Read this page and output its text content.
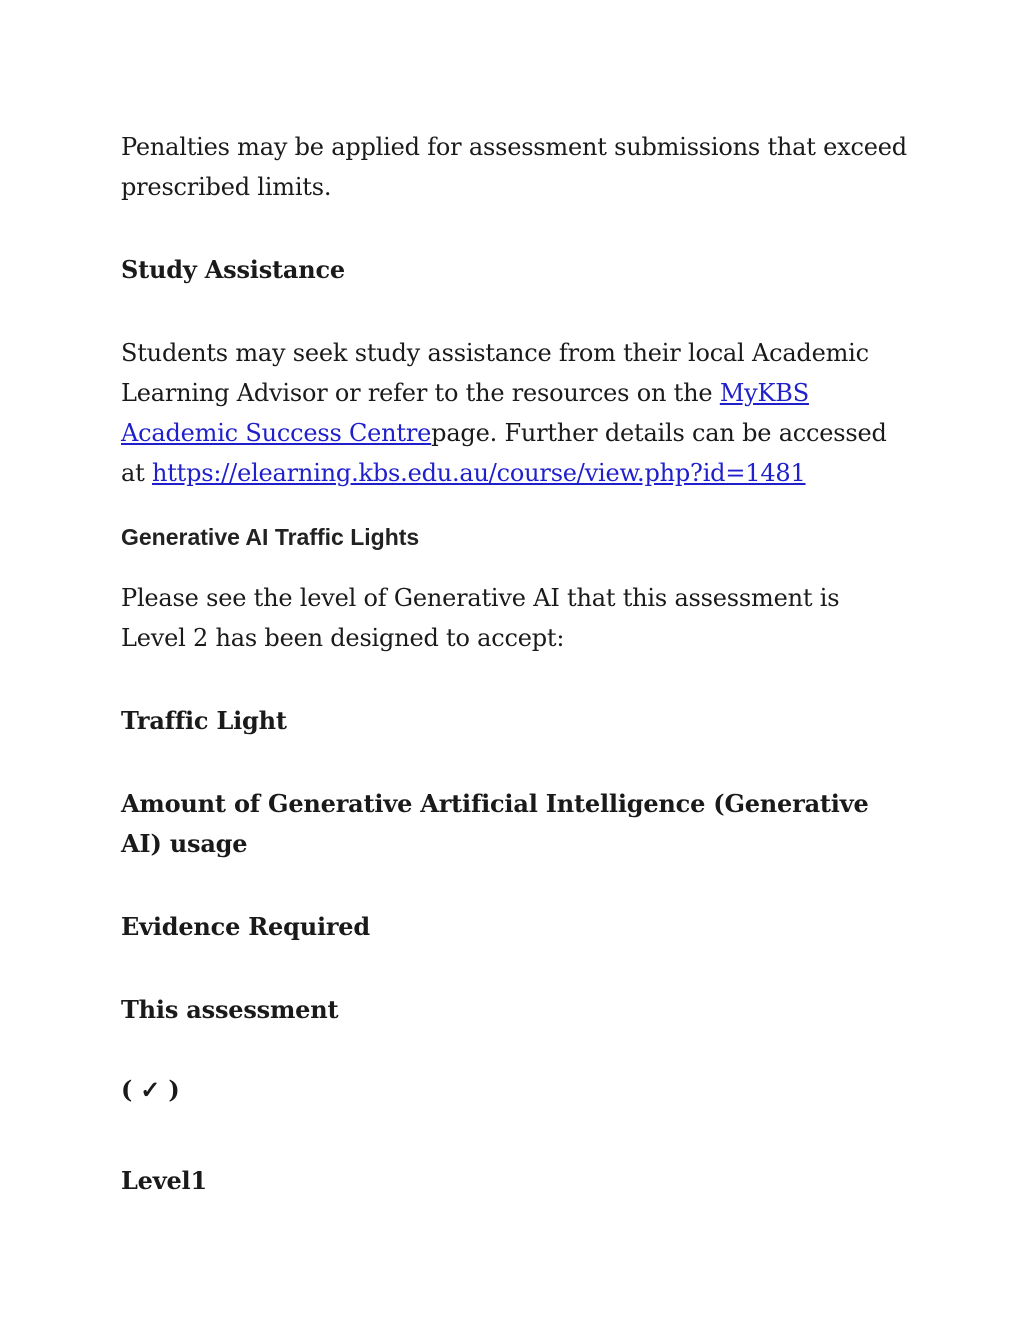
Penalties may be applied for assessment submissions that exceed prescribed limits.

Study Assistance

Students may seek study assistance from their local Academic Learning Advisor or refer to the resources on the MyKBS Academic Success Centrepage. Further details can be accessed at https://elearning.kbs.edu.au/course/view.php?id=1481

Generative AI Traffic Lights

Please see the level of Generative AI that this assessment is Level 2 has been designed to accept:

Traffic Light

Amount of Generative Artificial Intelligence (Generative AI) usage

Evidence Required

This assessment

( ✓ )

Level1
